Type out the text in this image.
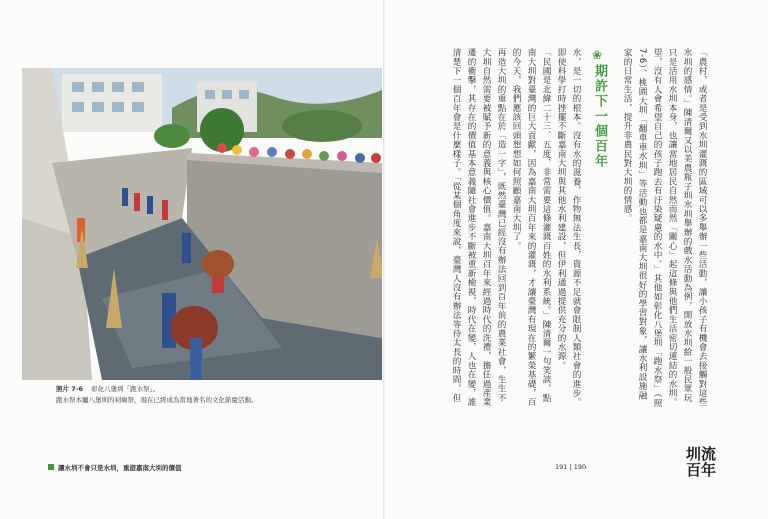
照片 7-6 彰化八堡圳「跑水祭」。
跑水祭本屬八堡圳的祠廟祭，現在已經成為當地著名的文化節慶活動。	「農村，或者是受到水圳灌溉的區域可以多舉辦一些活動，讓小孩子有機會去接觸對這些
水圳的感情。」陳清爾又以美農瓶子圳水圳舉辦的戲水活動為例，開放水圳給一般民眾玩
只是活用水圳本身，也讓當地居民自然而然「關心」起這條與他們生活密切連結的水圳。
望，沒有人會希望自己的孩子跑去有汙染疑慮的水中。」其他如彰化八堡圳「跑水祭」（照
7-6）、桃園大圳「翻車車水圳」等活動也都是嘉南大圳很好的學習對象，讓水利設施融
家的日常生活，提升非農民對大圳的情感。
❀
期許下一個百年
水，是一切的根本。沒有水的滋養，作物無法生長，資源不足就會限制人類社會的進步。
即使科學打時挫擺不斷嘉南大圳與其他水利建設，但伊利通過提供充分的水源。
「民國是北緯二十三．五度，非常需要這條灌溉百姓的水利系統。」陳清爾一句笑談，點
南大圳對臺灣的巨大貢獻，因為嘉南大圳百年來的灌溉，才讓臺灣有現在的繁榮基礎，百
的今天，我們應該回頭想想如何照顧嘉南大圳了。
再造大圳的重點在於「造一字」，既然臺灣已經沒有辦法回到百年前的農業社會，生生不
大圳自然需要被賦予新的意義與核心價值。嘉南大圳百年來經過時代的洗禮，擔任過產業
遷的衝擊，其存在的價值基本意義隨社會進步不斷被重新檢視，時代在變，人也在變，誰
清楚下一個百年會是什麼樣子。「從某個角度來說，臺灣人沒有辦法等待太長的時間，但
讓水圳不會只是水圳，重遊嘉南大圳的價值	191 | 190
圳流
百年
